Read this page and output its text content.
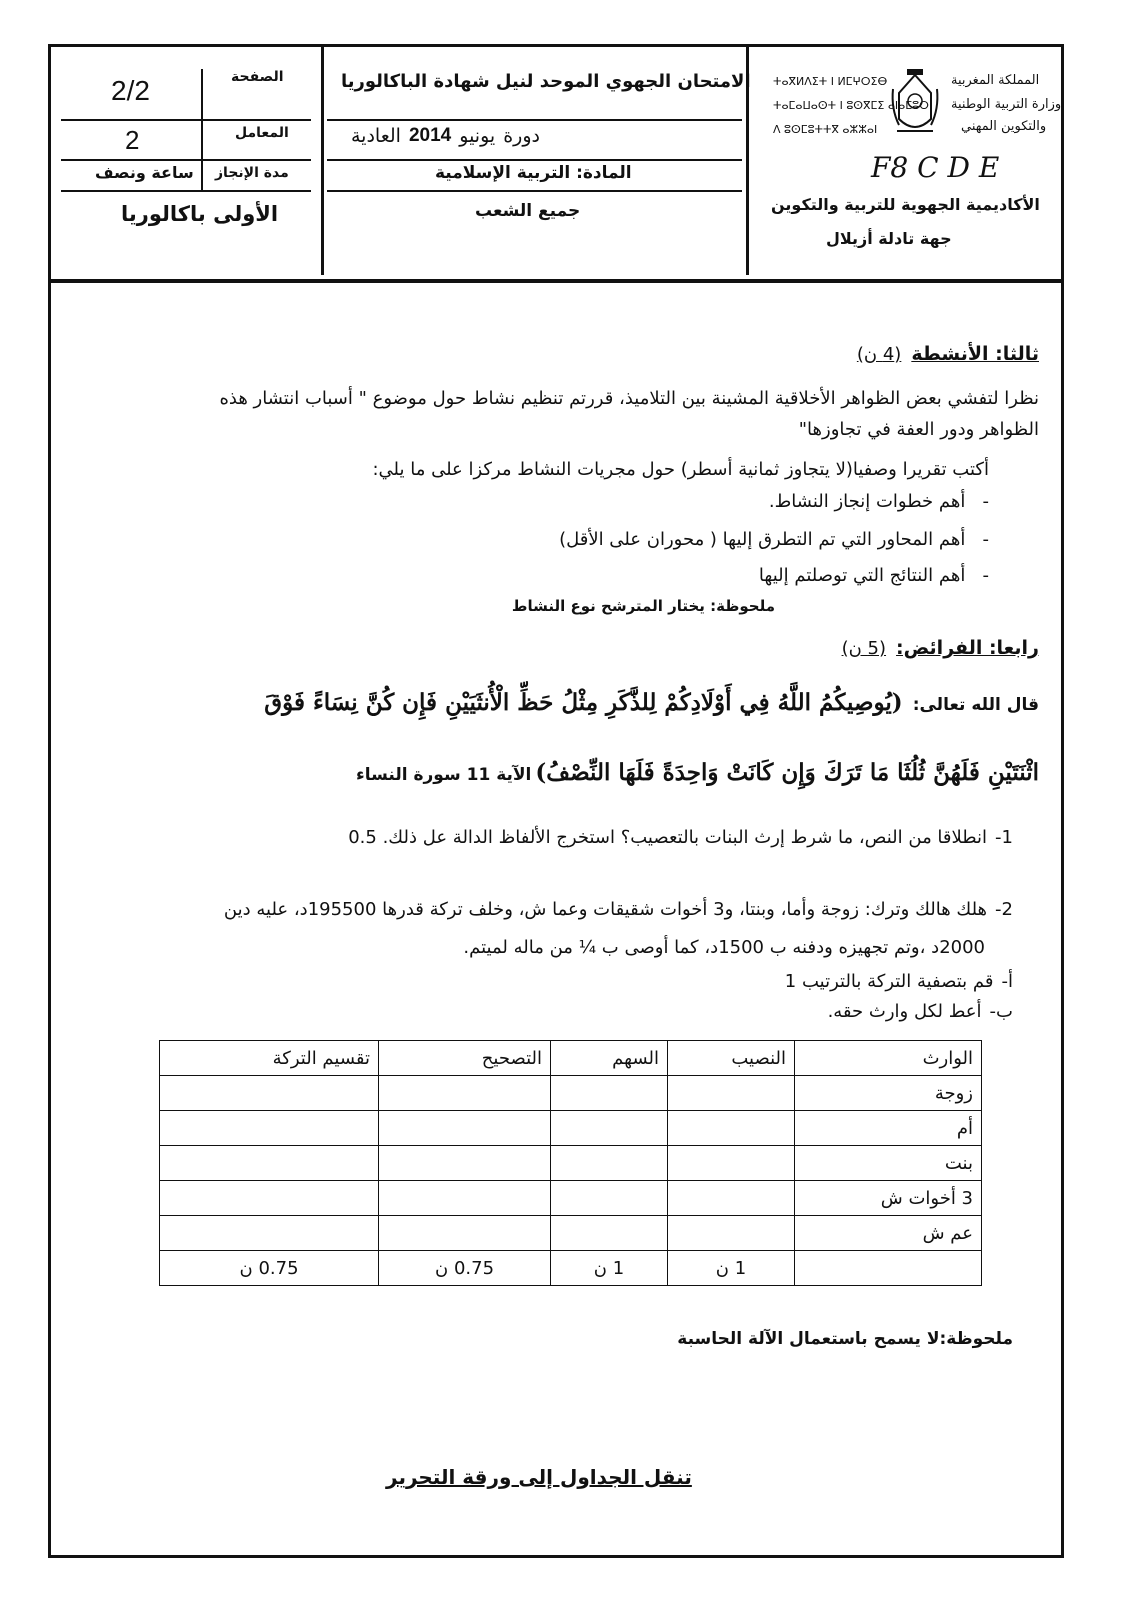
الصفحة
2/2
المعامل
2
مدة الإنجاز
ساعة ونصف
الأولى باكالوريا
الامتحان الجهوي الموحد لنيل شهادة الباكالوريا
دورة
يونيو
2014
العادية
المادة: التربية الإسلامية
جميع الشعب
ⵜⴰⴳⵍⴷⵉⵜ ⵏ ⵍⵎⵖⵔⵉⴱ
ⵜⴰⵎⴰⵡⴰⵙⵜ ⵏ ⵓⵙⴳⵎⵉ ⴰⵏⴰⵎⵓⵔ
ⴷ ⵓⵙⵎⵓⵜⵜⴳ ⴰⵣⵣⴰⵏ
المملكة المغربية
وزارة التربية الوطنية
والتكوين المهني
F8 C D E
الأكاديمية الجهوية للتربية والتكوين
جهة تادلة أزيلال
ثالثا: الأنشطة
(4 ن)

نظرا لتفشي بعض الظواهر الأخلاقية المشينة بين التلاميذ، قررتم تنظيم نشاط حول موضوع " أسباب انتشار هذه
الظواهر ودور العفة في تجاوزها"

أكتب تقريرا وصفيا(لا يتجاوز ثمانية أسطر) حول مجريات النشاط مركزا على ما يلي:
-   أهم خطوات إنجاز النشاط.
-   أهم المحاور التي تم التطرق إليها ( محوران على الأقل)
-   أهم النتائج التي توصلتم إليها
ملحوظة: يختار المترشح نوع النشاط
رابعا: الفرائض:
(5 ن)
قال الله تعالى:
(يُوصِيكُمُ اللَّهُ فِي أَوْلَادِكُمْ لِلذَّكَرِ مِثْلُ حَظِّ الْأُنثَيَيْنِ فَإِن كُنَّ نِسَاءً فَوْقَ
اثْنَتَيْنِ فَلَهُنَّ ثُلُثَا مَا تَرَكَ وَإِن كَانَتْ وَاحِدَةً فَلَهَا النِّصْفُ)
الآية 11 سورة النساء
1-
انطلاقا من النص، ما شرط إرث البنات بالتعصيب؟ استخرج الألفاظ الدالة عل ذلك. 0.5
2-
هلك هالك وترك: زوجة وأما، وبنتا، و3 أخوات شقيقات وعما ش، وخلف تركة قدرها 195500د، عليه دين
2000د ،وتم تجهيزه ودفنه ب 1500د، كما أوصى ب ¼ من ماله لميتم.
أ-
قم بتصفية التركة بالترتيب 1
ب-
أعط لكل وارث حقه.
الوارث	النصيب	السهم	التصحيح	تقسيم التركة
زوجة				
أم				
بنت				
3 أخوات ش				
عم ش				
	1 ن	1 ن	0.75 ن	0.75 ن
ملحوظة:لا يسمح باستعمال الآلة الحاسبة
تنقل الجداول إلى ورقة التحرير
